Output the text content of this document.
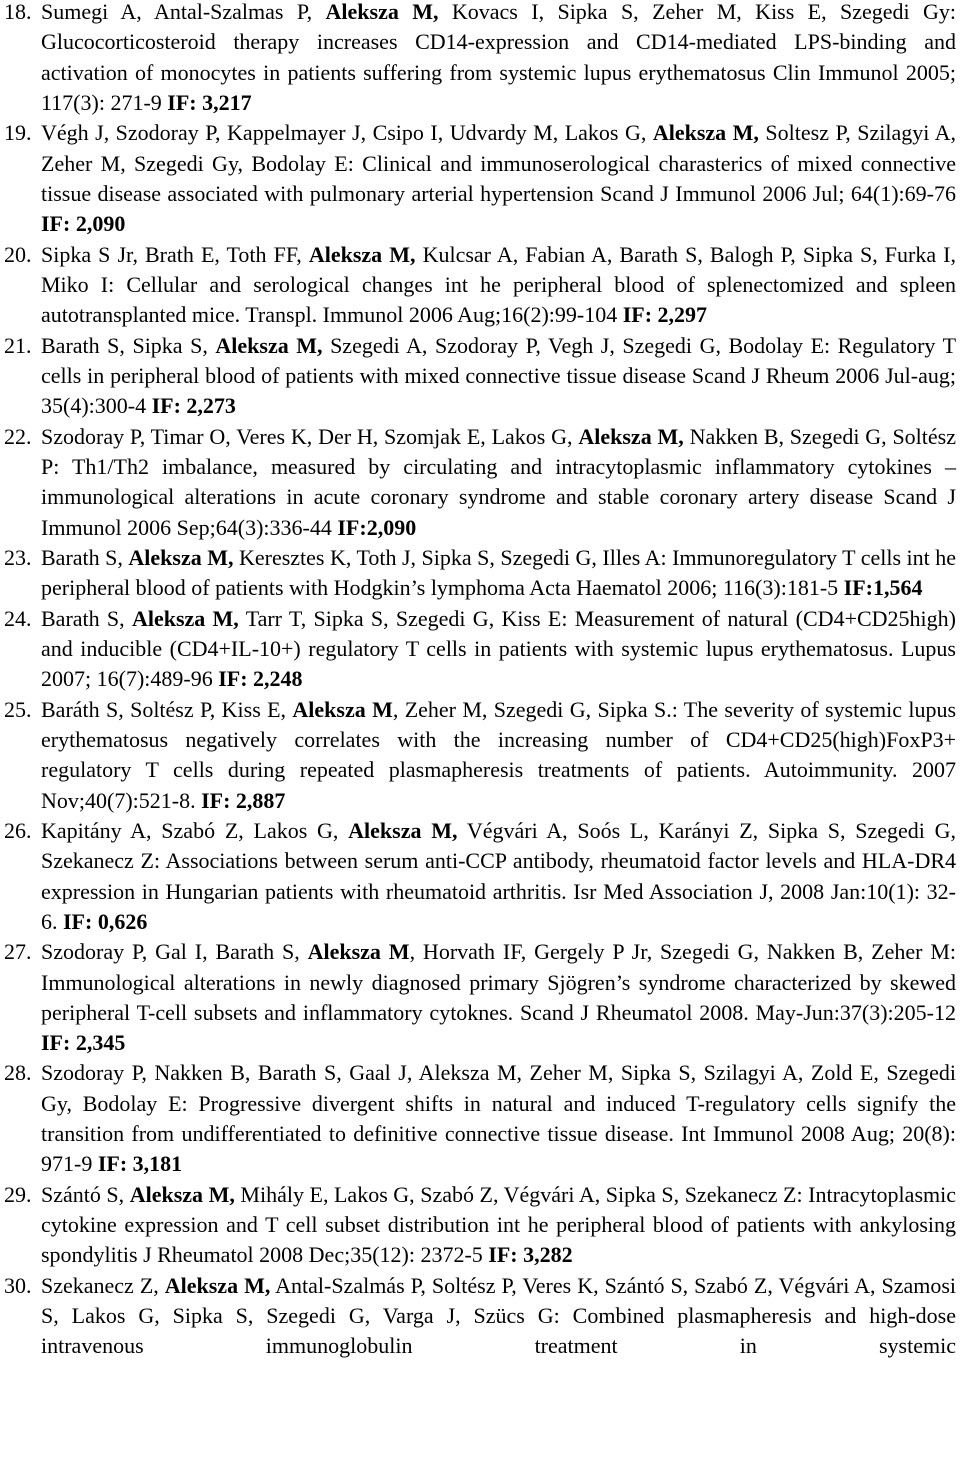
18. Sumegi A, Antal-Szalmas P, Aleksza M, Kovacs I, Sipka S, Zeher M, Kiss E, Szegedi Gy: Glucocorticosteroid therapy increases CD14-expression and CD14-mediated LPS-binding and activation of monocytes in patients suffering from systemic lupus erythematosus Clin Immunol 2005; 117(3): 271-9 IF: 3,217
19. Végh J, Szodoray P, Kappelmayer J, Csipo I, Udvardy M, Lakos G, Aleksza M, Soltesz P, Szilagyi A, Zeher M, Szegedi Gy, Bodolay E: Clinical and immunoserological charasterics of mixed connective tissue disease associated with pulmonary arterial hypertension Scand J Immunol 2006 Jul; 64(1):69-76 IF: 2,090
20. Sipka S Jr, Brath E, Toth FF, Aleksza M, Kulcsar A, Fabian A, Barath S, Balogh P, Sipka S, Furka I, Miko I: Cellular and serological changes int he peripheral blood of splenectomized and spleen autotransplanted mice. Transpl. Immunol 2006 Aug;16(2):99-104 IF: 2,297
21. Barath S, Sipka S, Aleksza M, Szegedi A, Szodoray P, Vegh J, Szegedi G, Bodolay E: Regulatory T cells in peripheral blood of patients with mixed connective tissue disease Scand J Rheum 2006 Jul-aug; 35(4):300-4 IF: 2,273
22. Szodoray P, Timar O, Veres K, Der H, Szomjak E, Lakos G, Aleksza M, Nakken B, Szegedi G, Soltész P: Th1/Th2 imbalance, measured by circulating and intracytoplasmic inflammatory cytokines – immunological alterations in acute coronary syndrome and stable coronary artery disease Scand J Immunol 2006 Sep;64(3):336-44 IF:2,090
23. Barath S, Aleksza M, Keresztes K, Toth J, Sipka S, Szegedi G, Illes A: Immunoregulatory T cells int he peripheral blood of patients with Hodgkin’s lymphoma Acta Haematol 2006; 116(3):181-5 IF:1,564
24. Barath S, Aleksza M, Tarr T, Sipka S, Szegedi G, Kiss E: Measurement of natural (CD4+CD25high) and inducible (CD4+IL-10+) regulatory T cells in patients with systemic lupus erythematosus. Lupus 2007; 16(7):489-96 IF: 2,248
25. Baráth S, Soltész P, Kiss E, Aleksza M, Zeher M, Szegedi G, Sipka S.: The severity of systemic lupus erythematosus negatively correlates with the increasing number of CD4+CD25(high)FoxP3+ regulatory T cells during repeated plasmapheresis treatments of patients. Autoimmunity. 2007 Nov;40(7):521-8. IF: 2,887
26. Kapitány A, Szabó Z, Lakos G, Aleksza M, Végvári A, Soós L, Karányi Z, Sipka S, Szegedi G, Szekanecz Z: Associations between serum anti-CCP antibody, rheumatoid factor levels and HLA-DR4 expression in Hungarian patients with rheumatoid arthritis. Isr Med Association J, 2008 Jan:10(1): 32-6. IF: 0,626
27. Szodoray P, Gal I, Barath S, Aleksza M, Horvath IF, Gergely P Jr, Szegedi G, Nakken B, Zeher M: Immunological alterations in newly diagnosed primary Sjögren’s syndrome characterized by skewed peripheral T-cell subsets and inflammatory cytoknes. Scand J Rheumatol 2008. May-Jun:37(3):205-12 IF: 2,345
28. Szodoray P, Nakken B, Barath S, Gaal J, Aleksza M, Zeher M, Sipka S, Szilagyi A, Zold E, Szegedi Gy, Bodolay E: Progressive divergent shifts in natural and induced T-regulatory cells signify the transition from undifferentiated to definitive connective tissue disease. Int Immunol 2008 Aug; 20(8): 971-9 IF: 3,181
29. Szántó S, Aleksza M, Mihály E, Lakos G, Szabó Z, Végvári A, Sipka S, Szekanecz Z: Intracytoplasmic cytokine expression and T cell subset distribution int he peripheral blood of patients with ankylosing spondylitis J Rheumatol 2008 Dec;35(12): 2372-5 IF: 3,282
30. Szekanecz Z, Aleksza M, Antal-Szalmás P, Soltész P, Veres K, Szántó S, Szabó Z, Végvári A, Szamosi S, Lakos G, Sipka S, Szegedi G, Varga J, Szücs G: Combined plasmapheresis and high-dose intravenous immunoglobulin treatment in systemic
